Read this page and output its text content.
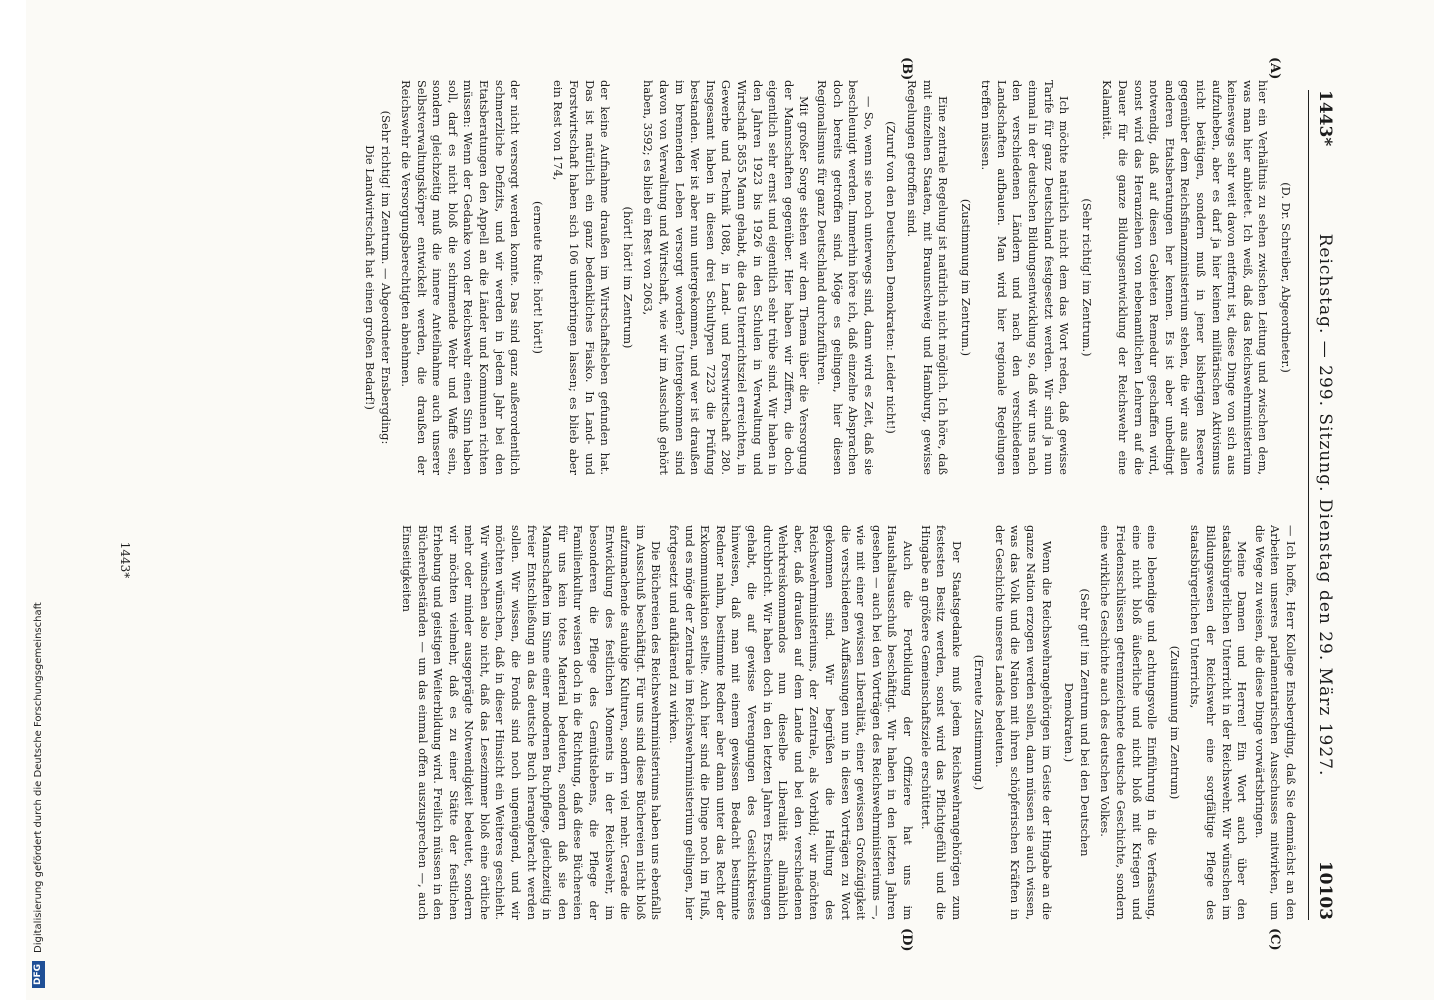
1443*
Reichstag. — 299. Sitzung. Dienstag den 29. März 1927.
10103
(A)
(B)
(C)
(D)

(D. Dr. Schreiber, Abgeordneter.)

hier ein Verhältnis zu sehen zwischen Leitung und zwischen dem, was man hier anbietet. Ich weiß, daß das Reichswehrministerium keineswegs sehr weit davon entfernt ist, diese Dinge von sich aus aufzuheben, aber es darf ja hier keinen militärischen Aktivismus nicht betätigen, sondern muß in jener bisherigen Reserve gegenüber dem Reichsfinanzministerium stehen, die wir aus allen anderen Etatsberatungen her kennen. Es ist aber unbedingt notwendig, daß auf diesen Gebieten Remedur geschaffen wird, sonst wird das Heranziehen von nebenamtlichen Lehrern auf die Dauer für die ganze Bildungsentwicklung der Reichswehr eine Kalamität.

(Sehr richtig! im Zentrum.)

Ich möchte natürlich nicht dem das Wort reden, daß gewisse Tarife für ganz Deutschland festgesetzt werden. Wir sind ja nun einmal in der deutschen Bildungsentwicklung so, daß wir uns nach den verschiedenen Ländern und nach den verschiedenen Landschaften aufbauen. Man wird hier regionale Regelungen treffen müssen.

(Zustimmung im Zentrum.)

Eine zentrale Regelung ist natürlich nicht möglich. Ich höre, daß mit einzelnen Staaten, mit Braunschweig und Hamburg, gewisse Regelungen getroffen sind.

(Zuruf von den Deutschen Demokraten: Leider nicht!)

— So, wenn sie noch unterwegs sind, dann wird es Zeit, daß sie beschleunigt werden. Immerhin höre ich, daß einzelne Absprachen doch bereits getroffen sind. Möge es gelingen, hier diesen Regionalismus für ganz Deutschland durchzuführen.

Mit großer Sorge stehen wir dem Thema über die Versorgung der Mannschaften gegenüber. Hier haben wir Ziffern, die doch eigentlich sehr ernst und eigentlich sehr trübe sind. Wir haben in den Jahren 1923 bis 1926 in den Schulen in Verwaltung und Wirtschaft 5855 Mann gehabt, die das Unterrichtsziel erreichten, in Gewerbe und Technik 1088, in Land- und Forstwirtschaft 280. Insgesamt haben in diesen drei Schultypen 7223 die Prüfung bestanden. Wer ist aber nun untergekommen, und wer ist draußen im brennenden Leben versorgt worden? Untergekommen sind davon von Verwaltung und Wirtschaft, wie wir im Ausschuß gehört haben, 3592; es blieb ein Rest von 2063,

(hört! hört! im Zentrum)

der keine Aufnahme draußen im Wirtschaftsleben gefunden hat. Das ist natürlich ein ganz bedenkliches Fiasko. In Land- und Forstwirtschaft haben sich 106 unterbringen lassen; es blieb aber ein Rest von 174,

(erneute Rufe: hört! hört!)

der nicht versorgt werden konnte. Das sind ganz außerordentlich schmerzliche Defizits, und wir werden in jedem Jahr bei den Etatsberatungen den Appell an die Länder und Kommunen richten müssen: Wenn der Gedanke von der Reichswehr einen Sinn haben soll, darf es nicht bloß die schirmende Wehr und Waffe sein, sondern gleichzeitig muß die innere Anteilnahme auch unserer Selbstverwaltungskörper entwickelt werden, die draußen der Reichswehr die Versorgungsberechtigten abnehmen.

(Sehr richtig! im Zentrum. — Abgeordneter Ensbergding: Die Landwirtschaft hat einen großen Bedarf!)

— Ich hoffe, Herr Kollege Ensbergding, daß Sie demnächst an den Arbeiten unseres parlamentarischen Ausschusses mitwirken, um die Wege zu weisen, die diese Dinge vorwärtsbringen.

Meine Damen und Herren! Ein Wort auch über den staatsbürgerlichen Unterricht in der Reichswehr. Wir wünschen im Bildungswesen der Reichswehr eine sorgfältige Pflege des staatsbürgerlichen Unterrichts,

(Zustimmung im Zentrum)

eine lebendige und achtungsvolle Einführung in die Verfassung, eine nicht bloß äußerliche und nicht bloß mit Kriegen und Friedensschlüssen getrennzeichnete deutsche Geschichte, sondern eine wirkliche Geschichte auch des deutschen Volkes.

(Sehr gut! im Zentrum und bei den Deutschen Demokraten.)

Wenn die Reichswehrangehörigen im Geiste der Hingabe an die ganze Nation erzogen werden sollen, dann müssen sie auch wissen, was das Volk und die Nation mit ihren schöpferischen Kräften in der Geschichte unseres Landes bedeuten.

(Erneute Zustimmung.)

Der Staatsgedanke muß jedem Reichswehrangehörigen zum festesten Besitz werden, sonst wird das Pflichtgefühl und die Hingabe an größere Gemeinschaftsziele erschüttert.

Auch die Fortbildung der Offiziere hat uns im Haushaltsausschuß beschäftigt. Wir haben in den letzten Jahren gesehen — auch bei den Vorträgen des Reichswehrministeriums —, wie mit einer gewissen Liberalität, einer gewissen Großzügigkeit die verschiedenen Auffassungen nun in diesen Vorträgen zu Wort gekommen sind. Wir begrüßen die Haltung des Reichswehrministeriums, der Zentrale, als Vorbild; wir möchten aber, daß draußen auf dem Lande und bei den verschiedenen Wehrkreiskommandos nun dieselbe Liberalität allmählich durchbricht. Wir haben doch in den letzten Jahren Erscheinungen gehabt, die auf gewisse Verengungen des Gesichtskreises hinweisen, daß man mit einem gewissen Bedacht bestimmte Redner nahm, bestimmte Redner aber dann unter das Recht der Exkommunikation stellte. Auch hier sind die Dinge noch im Fluß, und es möge der Zentrale im Reichswehrministerium gelingen, hier fortgesetzt und aufklärend zu wirken.

Die Büchereien des Reichswehrministeriums haben uns ebenfalls im Ausschuß beschäftigt. Für uns sind diese Büchereien nicht bloß aufzumachende staubige Kulturen, sondern viel mehr. Gerade die Entwicklung des festlichen Moments in der Reichswehr, im besonderen die Pflege des Gemütslebens, die Pflege der Familienkultur weisen doch in die Richtung, daß diese Büchereien für uns kein totes Material bedeuten, sondern daß sie den Mannschaften im Sinne einer modernen Buchpflege, gleichzeitig in freier Entschließung an das deutsche Buch herangebracht werden sollen. Wir wissen, die Fonds sind noch ungenügend, und wir möchten wünschen, daß in dieser Hinsicht ein Weiteres geschieht. Wir wünschen also nicht, daß das Lesezimmer bloß eine örtliche mehr oder minder ausgeprägte Notwendigkeit bedeutet, sondern wir möchten vielmehr, daß es zu einer Stätte der festlichen Erhebung und geistigen Weiterbildung wird. Freilich müssen in den Büchereibeständen — um das einmal offen auszusprechen —, auch Einseitigkeiten

1443*
DFGDigitalisierung gefördert durch die Deutsche Forschungsgemeinschaft
